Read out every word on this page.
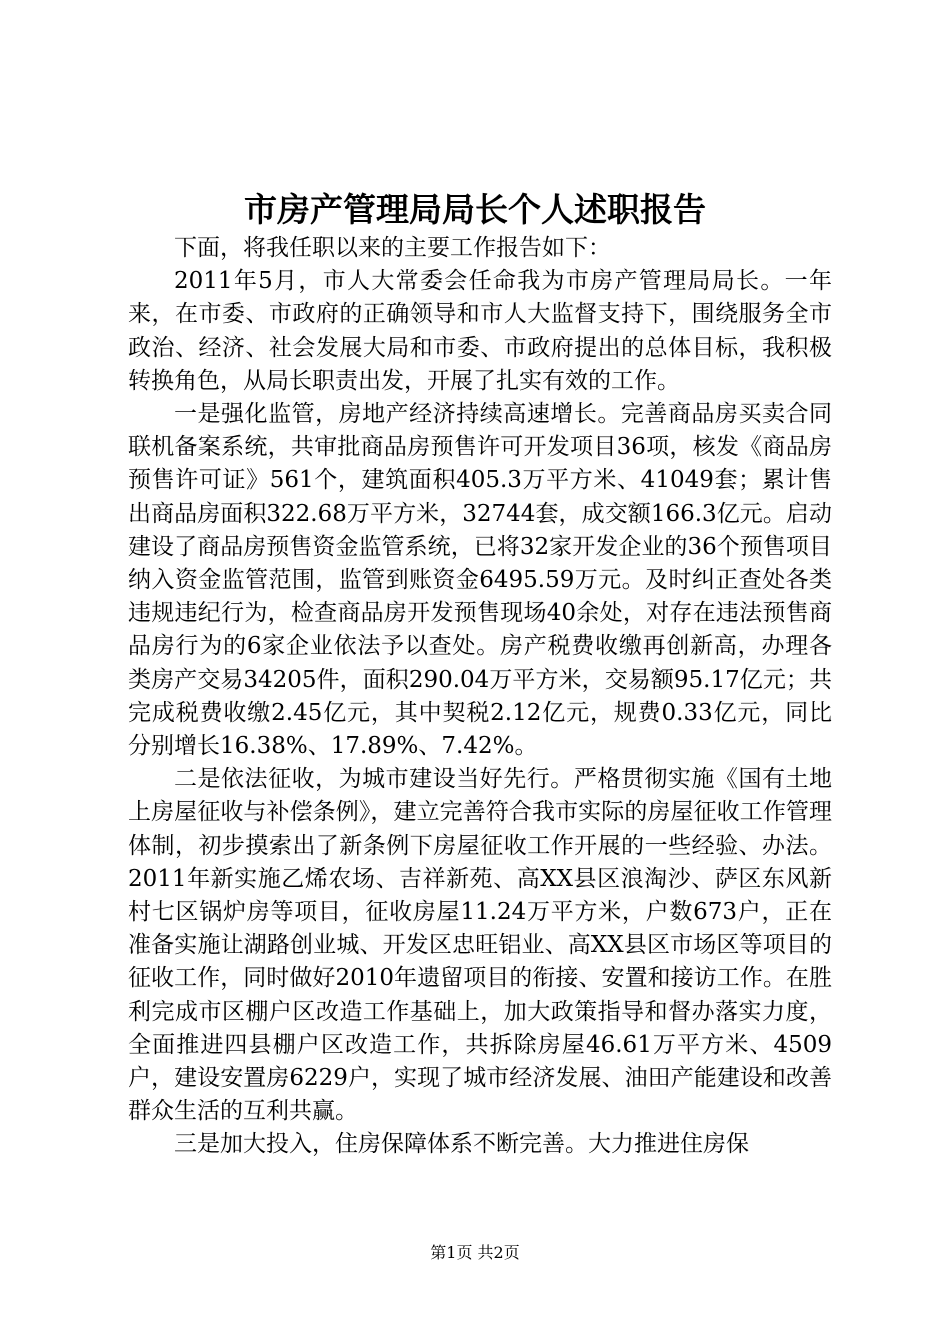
市房产管理局局长个人述职报告

下面，将我任职以来的主要工作报告如下：

2011年5月，市人大常委会任命我为市房产管理局局长。一年来，在市委、市政府的正确领导和市人大监督支持下，围绕服务全市政治、经济、社会发展大局和市委、市政府提出的总体目标，我积极转换角色，从局长职责出发，开展了扎实有效的工作。

一是强化监管，房地产经济持续高速增长。完善商品房买卖合同联机备案系统，共审批商品房预售许可开发项目36项，核发《商品房预售许可证》561个，建筑面积405.3万平方米、41049套；累计售出商品房面积322.68万平方米，32744套，成交额166.3亿元。启动建设了商品房预售资金监管系统，已将32家开发企业的36个预售项目纳入资金监管范围，监管到账资金6495.59万元。及时纠正查处各类违规违纪行为，检查商品房开发预售现场40余处，对存在违法预售商品房行为的6家企业依法予以查处。房产税费收缴再创新高，办理各类房产交易34205件，面积290.04万平方米，交易额95.17亿元；共完成税费收缴2.45亿元，其中契税2.12亿元，规费0.33亿元，同比分别增长16.38%、17.89%、7.42%。

二是依法征收，为城市建设当好先行。严格贯彻实施《国有土地上房屋征收与补偿条例》，建立完善符合我市实际的房屋征收工作管理体制，初步摸索出了新条例下房屋征收工作开展的一些经验、办法。2011年新实施乙烯农场、吉祥新苑、高XX县区浪淘沙、萨区东风新村七区锅炉房等项目，征收房屋11.24万平方米，户数673户，正在准备实施让湖路创业城、开发区忠旺铝业、高XX县区市场区等项目的征收工作，同时做好2010年遗留项目的衔接、安置和接访工作。在胜利完成市区棚户区改造工作基础上，加大政策指导和督办落实力度，全面推进四县棚户区改造工作，共拆除房屋46.61万平方米、4509户，建设安置房6229户，实现了城市经济发展、油田产能建设和改善群众生活的互利共赢。

三是加大投入，住房保障体系不断完善。大力推进住房保

第1页 共2页
